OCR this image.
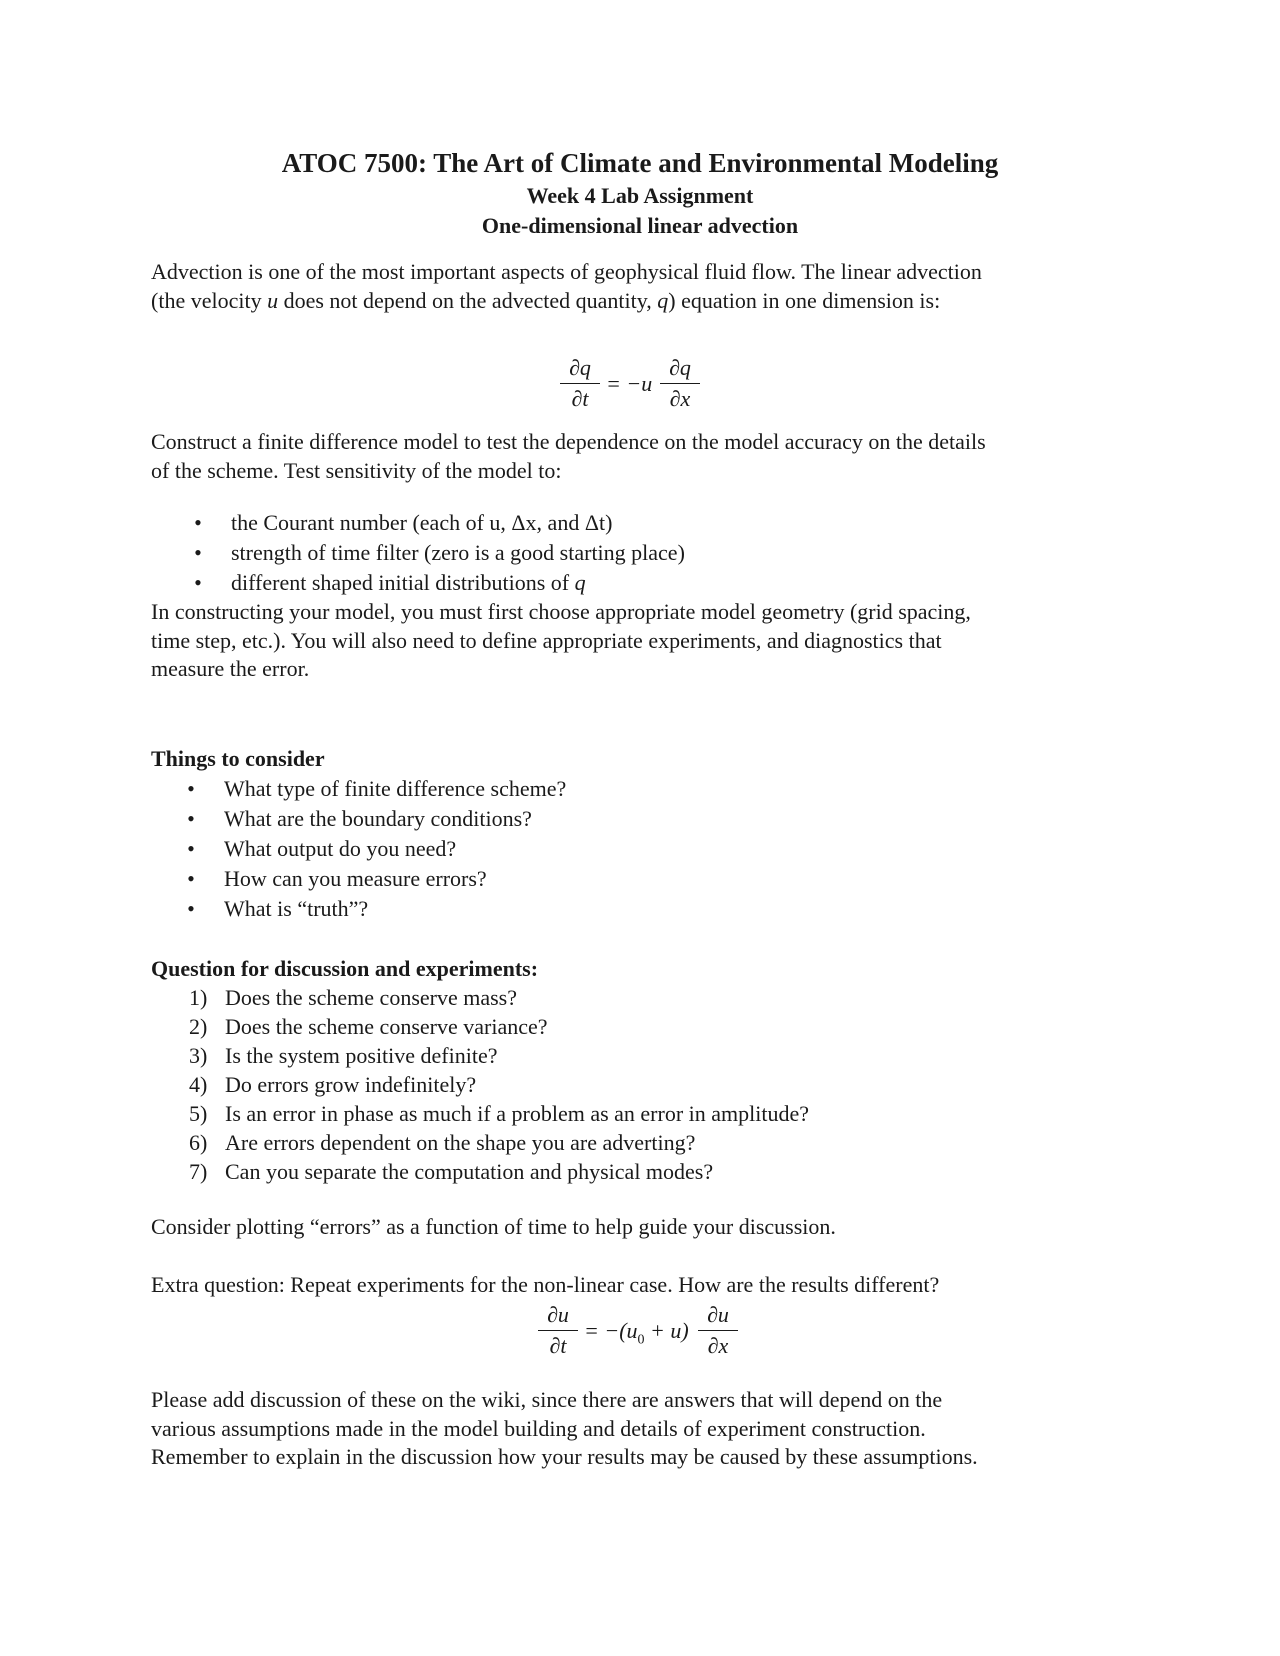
ATOC 7500: The Art of Climate and Environmental Modeling
Week 4 Lab Assignment
One-dimensional linear advection
Advection is one of the most important aspects of geophysical fluid flow. The linear advection
(the velocity u does not depend on the advected quantity, q) equation in one dimension is:
∂q
∂t
= −u
∂q
∂x
Construct a finite difference model to test the dependence on the model accuracy on the details
of the scheme. Test sensitivity of the model to:
• the Courant number (each of u, Δx, and Δt)
• strength of time filter (zero is a good starting place)
• different shaped initial distributions of q
In constructing your model, you must first choose appropriate model geometry (grid spacing,
time step, etc.). You will also need to define appropriate experiments, and diagnostics that
measure the error.
Things to consider
• What type of finite difference scheme?
• What are the boundary conditions?
• What output do you need?
• How can you measure errors?
• What is “truth”?
Question for discussion and experiments:
1) Does the scheme conserve mass?
2) Does the scheme conserve variance?
3) Is the system positive definite?
4) Do errors grow indefinitely?
5) Is an error in phase as much if a problem as an error in amplitude?
6) Are errors dependent on the shape you are adverting?
7) Can you separate the computation and physical modes?
Consider plotting “errors” as a function of time to help guide your discussion.
Extra question: Repeat experiments for the non-linear case. How are the results different?
∂u
∂t
= $-(u_0 + u)$
∂u
∂x
Please add discussion of these on the wiki, since there are answers that will depend on the
various assumptions made in the model building and details of experiment construction.
Remember to explain in the discussion how your results may be caused by these assumptions.
